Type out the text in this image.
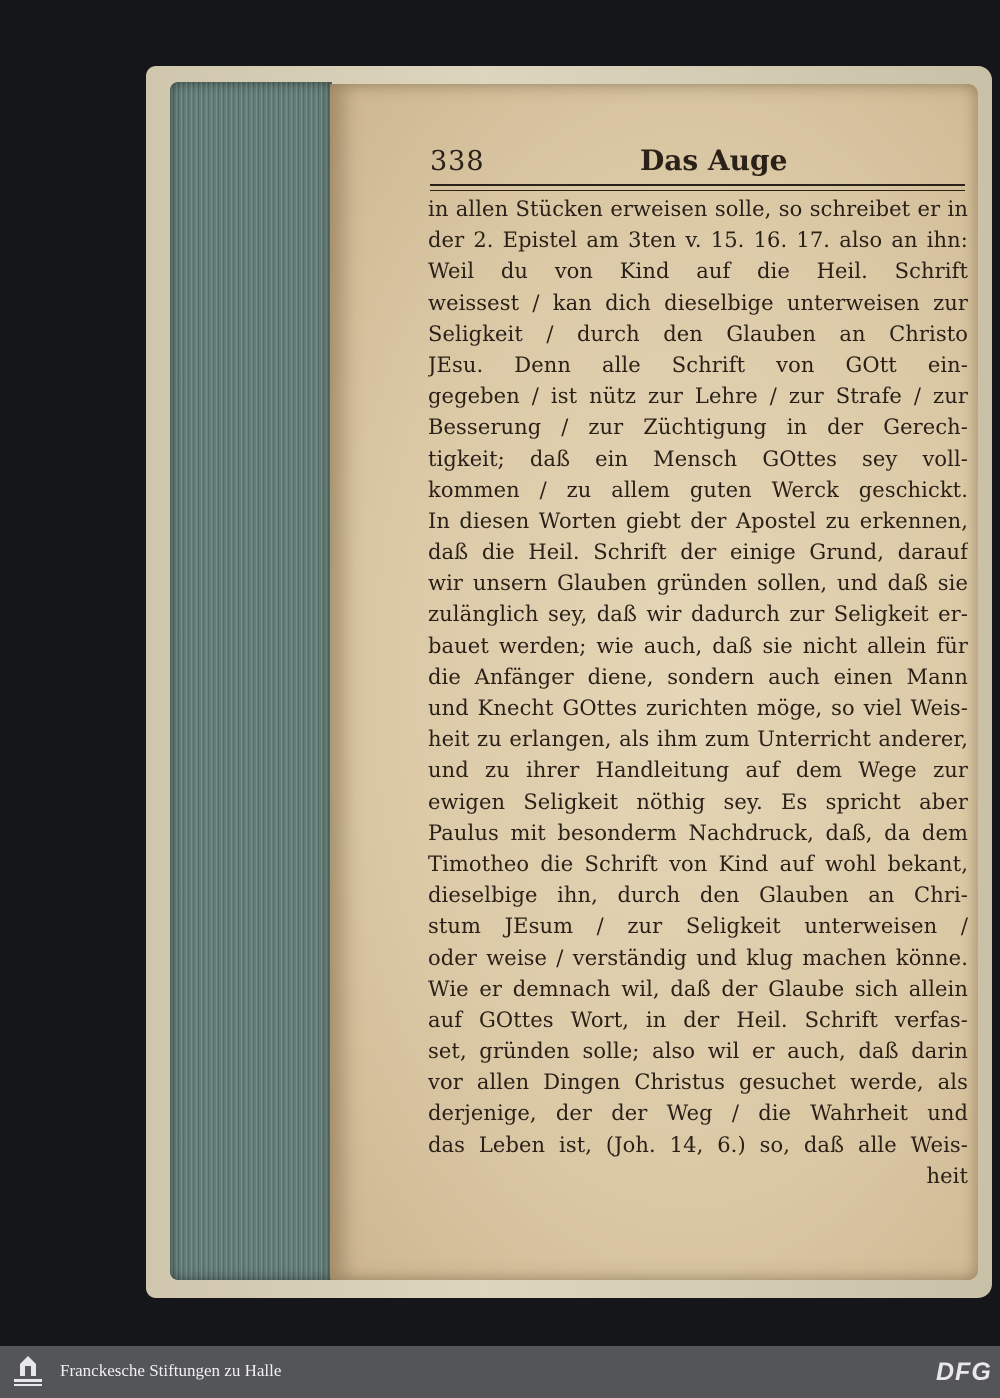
338	Das Auge
in allen Stücken erweisen solle, so schreibet er in
der 2. Epistel am 3ten v. 15. 16. 17. also an ihn:
Weil du von Kind auf die Heil. Schrift
weissest / kan dich dieselbige unterweisen zur
Seligkeit / durch den Glauben an Christo
JEsu. Denn alle Schrift von GOtt ein-
gegeben / ist nütz zur Lehre / zur Strafe / zur
Besserung / zur Züchtigung in der Gerech-
tigkeit; daß ein Mensch GOttes sey voll-
kommen / zu allem guten Werck geschickt.
In diesen Worten giebt der Apostel zu erkennen,
daß die Heil. Schrift der einige Grund, darauf
wir unsern Glauben gründen sollen, und daß sie
zulänglich sey, daß wir dadurch zur Seligkeit er-
bauet werden; wie auch, daß sie nicht allein für
die Anfänger diene, sondern auch einen Mann
und Knecht GOttes zurichten möge, so viel Weis-
heit zu erlangen, als ihm zum Unterricht anderer,
und zu ihrer Handleitung auf dem Wege zur
ewigen Seligkeit nöthig sey. Es spricht aber
Paulus mit besonderm Nachdruck, daß, da dem
Timotheo die Schrift von Kind auf wohl bekant,
dieselbige ihn, durch den Glauben an Chri-
stum JEsum / zur Seligkeit unterweisen /
oder weise / verständig und klug machen könne.
Wie er demnach wil, daß der Glaube sich allein
auf GOttes Wort, in der Heil. Schrift verfas-
set, gründen solle; also wil er auch, daß darin
vor allen Dingen Christus gesuchet werde, als
derjenige, der der Weg / die Wahrheit und
das Leben ist, (Joh. 14, 6.) so, daß alle Weis-
heit
Franckesche Stiftungen zu Halle	DFG
